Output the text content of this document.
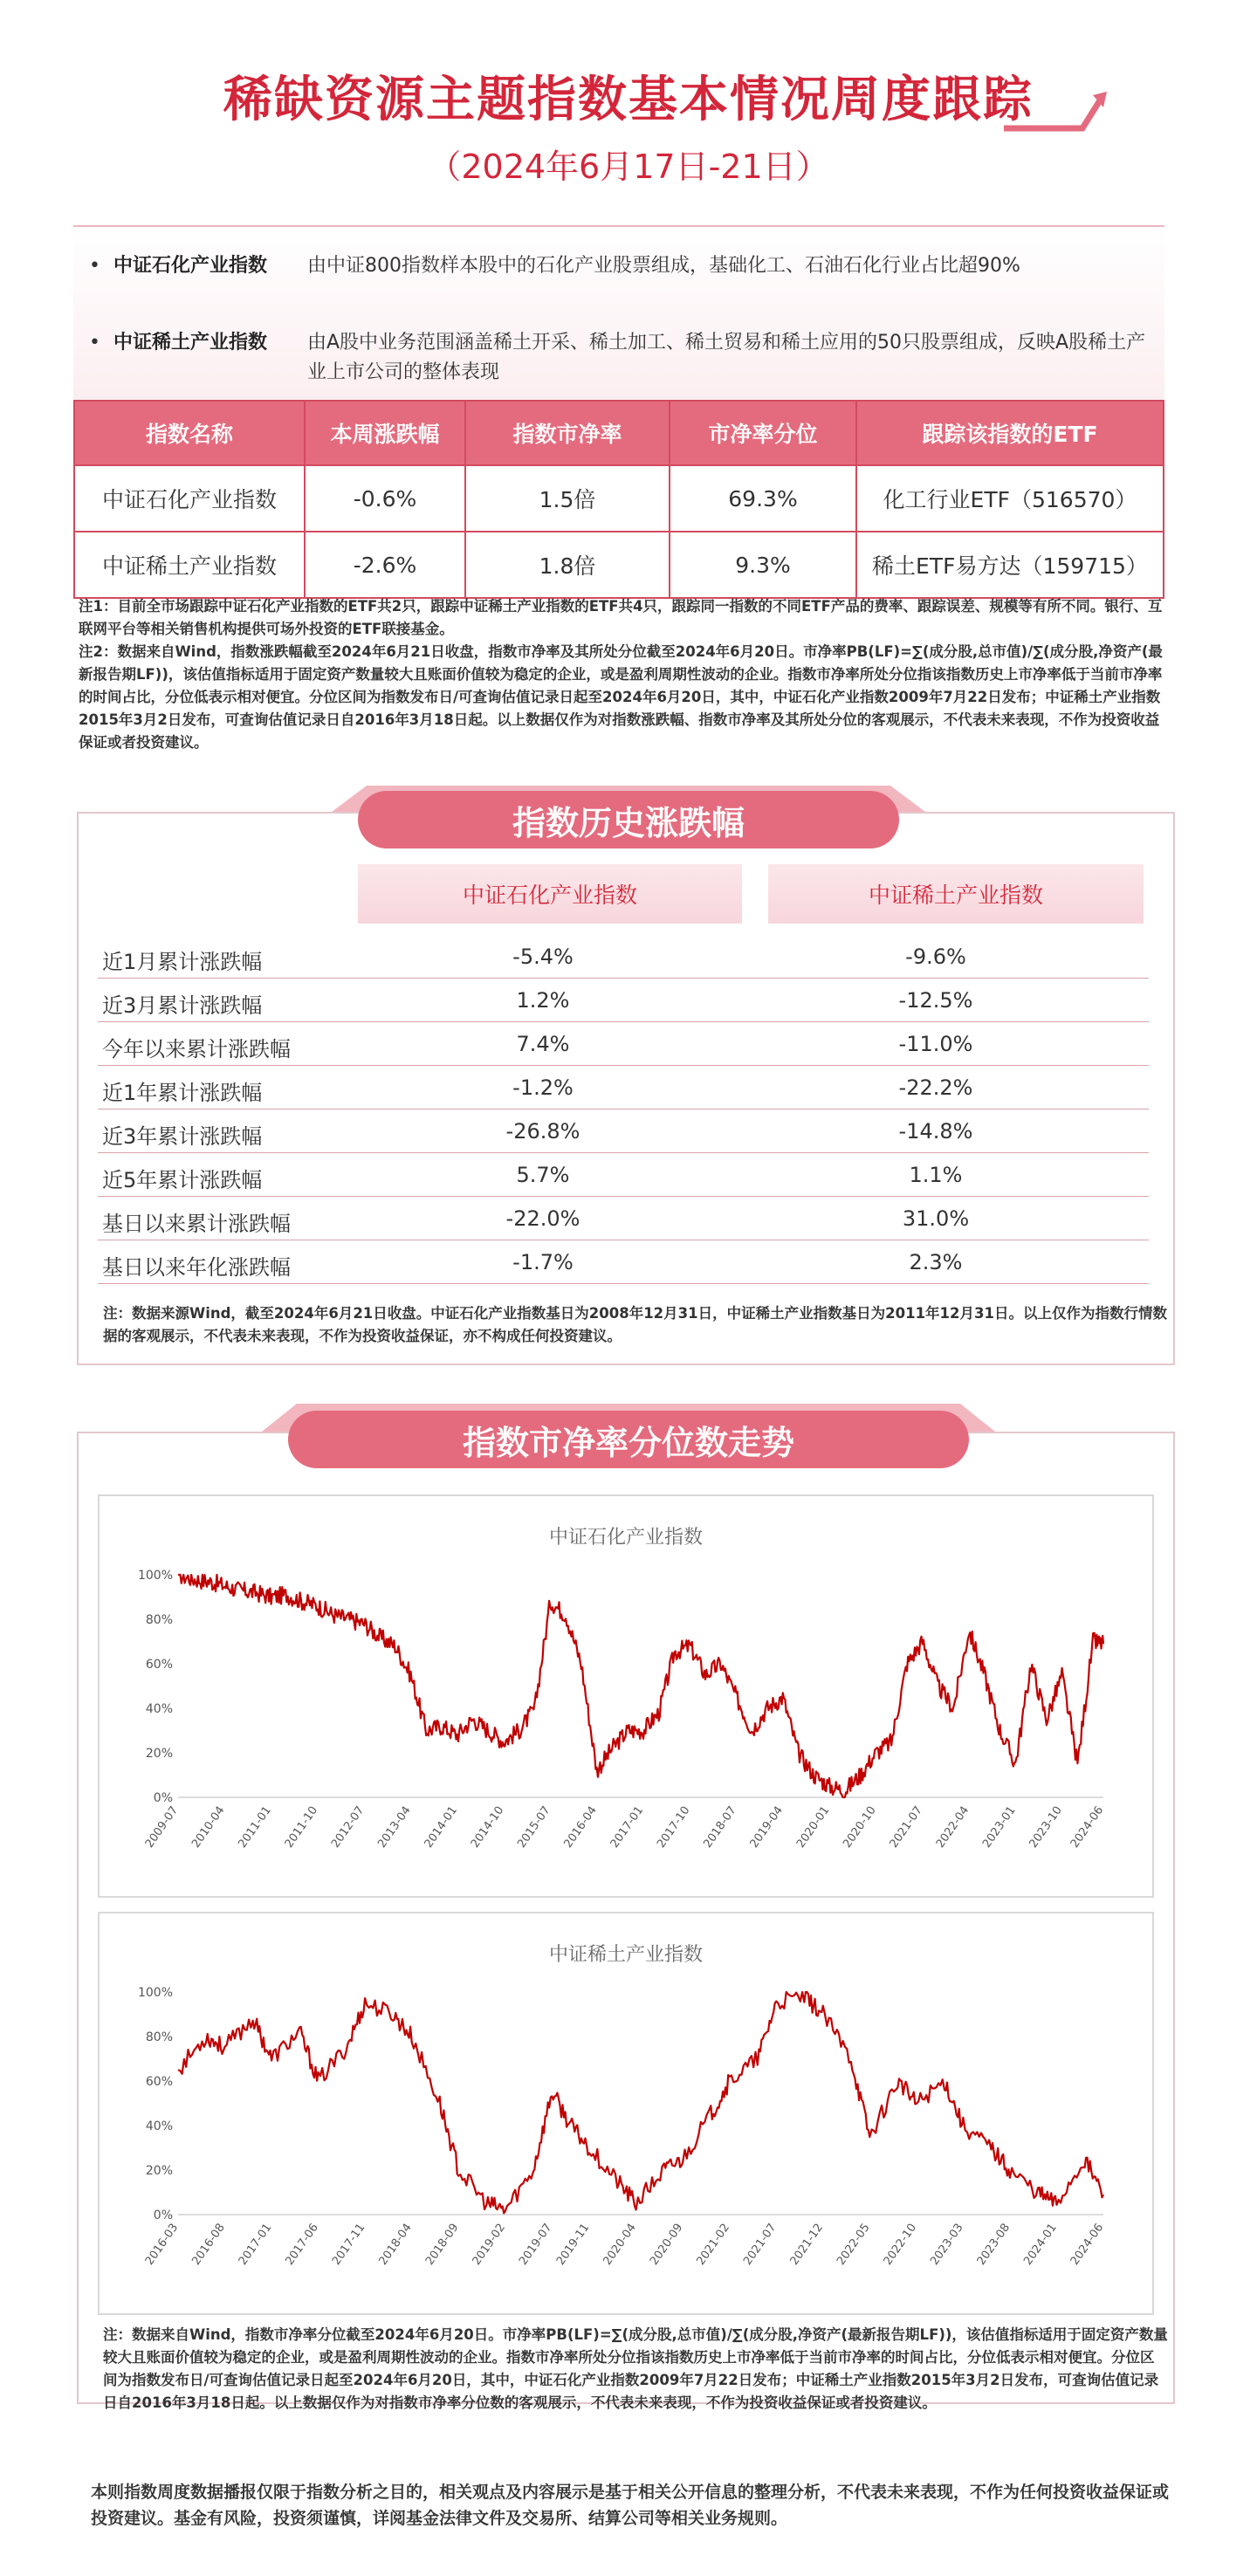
稀缺资源主题指数基本情况周度跟踪
（2024年6月17日-21日）
• 中证石化产业指数	由中证800指数样本股中的石化产业股票组成，基础化工、石油石化行业占比超90%
• 中证稀土产业指数	由A股中业务范围涵盖稀土开采、稀土加工、稀土贸易和稀土应用的50只股票组成，反映A股稀土产业上市公司的整体表现
指数名称	本周涨跌幅	指数市净率	市净率分位	跟踪该指数的ETF
中证石化产业指数	-0.6%	1.5倍	69.3%	化工行业ETF（516570）
中证稀土产业指数	-2.6%	1.8倍	9.3%	稀土ETF易方达（159715）
注1：目前全市场跟踪中证石化产业指数的ETF共2只，跟踪中证稀土产业指数的ETF共4只，跟踪同一指数的不同ETF产品的费率、跟踪误差、规模等有所不同。银行、互联网平台等相关销售机构提供可场外投资的ETF联接基金。
注2：数据来自Wind，指数涨跌幅截至2024年6月21日收盘，指数市净率及其所处分位截至2024年6月20日。市净率PB(LF)=∑(成分股,总市值)/∑(成分股,净资产(最新报告期LF))，该估值指标适用于固定资产数量较大且账面价值较为稳定的企业，或是盈利周期性波动的企业。指数市净率所处分位指该指数历史上市净率低于当前市净率的时间占比，分位低表示相对便宜。分位区间为指数发布日/可查询估值记录日起至2024年6月20日，其中，中证石化产业指数2009年7月22日发布；中证稀土产业指数2015年3月2日发布，可查询估值记录日自2016年3月18日起。以上数据仅作为对指数涨跌幅、指数市净率及其所处分位的客观展示，不代表未来表现，不作为投资收益保证或者投资建议。
指数历史涨跌幅
中证石化产业指数	中证稀土产业指数
近1月累计涨跌幅	-5.4%	-9.6%
近3月累计涨跌幅	1.2%	-12.5%
今年以来累计涨跌幅	7.4%	-11.0%
近1年累计涨跌幅	-1.2%	-22.2%
近3年累计涨跌幅	-26.8%	-14.8%
近5年累计涨跌幅	5.7%	1.1%
基日以来累计涨跌幅	-22.0%	31.0%
基日以来年化涨跌幅	-1.7%	2.3%
注：数据来源Wind，截至2024年6月21日收盘。中证石化产业指数基日为2008年12月31日，中证稀土产业指数基日为2011年12月31日。以上仅作为指数行情数据的客观展示，不代表未来表现，不作为投资收益保证，亦不构成任何投资建议。
指数市净率分位数走势
中证石化产业指数
0%
20%
40%
60%
80%
100%
2009-07 2010-04 2011-01 2011-10 2012-07 2013-04 2014-01 2014-10 2015-07 2016-04 2017-01 2017-10 2018-07 2019-04 2020-01 2020-10 2021-07 2022-04 2023-01 2023-10 2024-06
中证稀土产业指数
0%
20%
40%
60%
80%
100%
2016-03 2016-08 2017-01 2017-06 2017-11 2018-04 2018-09 2019-02 2019-07 2019-11 2020-04 2020-09 2021-02 2021-07 2021-12 2022-05 2022-10 2023-03 2023-08 2024-01 2024-06
注：数据来自Wind，指数市净率分位截至2024年6月20日。市净率PB(LF)=∑(成分股,总市值)/∑(成分股,净资产(最新报告期LF))，该估值指标适用于固定资产数量较大且账面价值较为稳定的企业，或是盈利周期性波动的企业。指数市净率所处分位指该指数历史上市净率低于当前市净率的时间占比，分位低表示相对便宜。分位区间为指数发布日/可查询估值记录日起至2024年6月20日，其中，中证石化产业指数2009年7月22日发布；中证稀土产业指数2015年3月2日发布，可查询估值记录日自2016年3月18日起。以上数据仅作为对指数市净率分位数的客观展示，不代表未来表现，不作为投资收益保证或者投资建议。
本则指数周度数据播报仅限于指数分析之目的，相关观点及内容展示是基于相关公开信息的整理分析，不代表未来表现，不作为任何投资收益保证或投资建议。基金有风险，投资须谨慎，详阅基金法律文件及交易所、结算公司等相关业务规则。
